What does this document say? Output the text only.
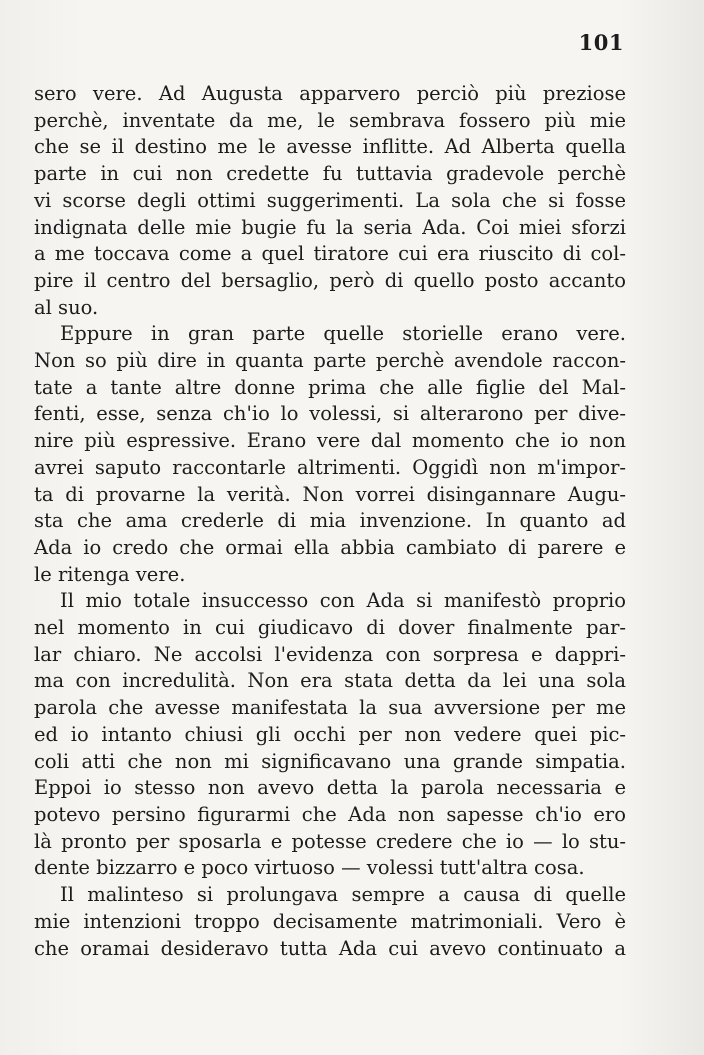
101

sero vere. Ad Augusta apparvero perciò più preziose
perchè, inventate da me, le sembrava fossero più mie
che se il destino me le avesse inflitte. Ad Alberta quella
parte in cui non credette fu tuttavia gradevole perchè
vi scorse degli ottimi suggerimenti. La sola che si fosse
indignata delle mie bugie fu la seria Ada. Coi miei sforzi
a me toccava come a quel tiratore cui era riuscito di col-
pire il centro del bersaglio, però di quello posto accanto
al suo.

Eppure in gran parte quelle storielle erano vere.
Non so più dire in quanta parte perchè avendole raccon-
tate a tante altre donne prima che alle figlie del Mal-
fenti, esse, senza ch'io lo volessi, si alterarono per dive-
nire più espressive. Erano vere dal momento che io non
avrei saputo raccontarle altrimenti. Oggidì non m'impor-
ta di provarne la verità. Non vorrei disingannare Augu-
sta che ama crederle di mia invenzione. In quanto ad
Ada io credo che ormai ella abbia cambiato di parere e
le ritenga vere.

Il mio totale insuccesso con Ada si manifestò proprio
nel momento in cui giudicavo di dover finalmente par-
lar chiaro. Ne accolsi l'evidenza con sorpresa e dappri-
ma con incredulità. Non era stata detta da lei una sola
parola che avesse manifestata la sua avversione per me
ed io intanto chiusi gli occhi per non vedere quei pic-
coli atti che non mi significavano una grande simpatia.
Eppoi io stesso non avevo detta la parola necessaria e
potevo persino figurarmi che Ada non sapesse ch'io ero
là pronto per sposarla e potesse credere che io — lo stu-
dente bizzarro e poco virtuoso — volessi tutt'altra cosa.

Il malinteso si prolungava sempre a causa di quelle
mie intenzioni troppo decisamente matrimoniali. Vero è
che oramai desideravo tutta Ada cui avevo continuato a
